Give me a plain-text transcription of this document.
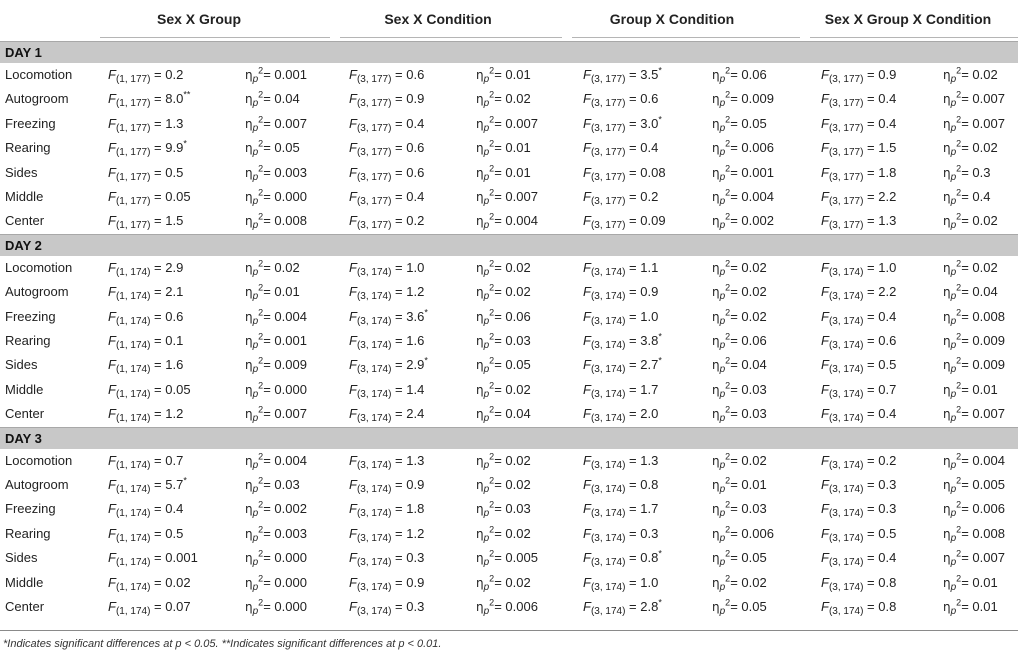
Sex X Group	Sex X Condition	Group X Condition	Sex X Group X Condition
DAY 1
Locomotion	$F_{(1, 177)} = 0.2$	$\eta_p^2= 0.001$	$F_{(3, 177)} = 0.6$	$\eta_p^2= 0.01$	$F_{(3, 177)} = 3.5^*$	$\eta_p^2= 0.06$	$F_{(3, 177)} = 0.9$	$\eta_p^2= 0.02$
Autogroom	$F_{(1, 177)} = 8.0^{**}$	$\eta_p^2= 0.04$	$F_{(3, 177)} = 0.9$	$\eta_p^2= 0.02$	$F_{(3, 177)} = 0.6$	$\eta_p^2= 0.009$	$F_{(3, 177)} = 0.4$	$\eta_p^2= 0.007$
Freezing	$F_{(1, 177)} = 1.3$	$\eta_p^2= 0.007$	$F_{(3, 177)} = 0.4$	$\eta_p^2= 0.007$	$F_{(3, 177)} = 3.0^*$	$\eta_p^2= 0.05$	$F_{(3, 177)} = 0.4$	$\eta_p^2= 0.007$
Rearing	$F_{(1, 177)} = 9.9^*$	$\eta_p^2= 0.05$	$F_{(3, 177)} = 0.6$	$\eta_p^2= 0.01$	$F_{(3, 177)} = 0.4$	$\eta_p^2= 0.006$	$F_{(3, 177)} = 1.5$	$\eta_p^2= 0.02$
Sides	$F_{(1, 177)} = 0.5$	$\eta_p^2= 0.003$	$F_{(3, 177)} = 0.6$	$\eta_p^2= 0.01$	$F_{(3, 177)} = 0.08$	$\eta_p^2= 0.001$	$F_{(3, 177)} = 1.8$	$\eta_p^2= 0.3$
Middle	$F_{(1, 177)} = 0.05$	$\eta_p^2= 0.000$	$F_{(3, 177)} = 0.4$	$\eta_p^2= 0.007$	$F_{(3, 177)} = 0.2$	$\eta_p^2= 0.004$	$F_{(3, 177)} = 2.2$	$\eta_p^2= 0.4$
Center	$F_{(1, 177)} = 1.5$	$\eta_p^2= 0.008$	$F_{(3, 177)} = 0.2$	$\eta_p^2= 0.004$	$F_{(3, 177)} = 0.09$	$\eta_p^2= 0.002$	$F_{(3, 177)} = 1.3$	$\eta_p^2= 0.02$
DAY 2
Locomotion	$F_{(1, 174)} = 2.9$	$\eta_p^2= 0.02$	$F_{(3, 174)} = 1.0$	$\eta_p^2= 0.02$	$F_{(3, 174)} = 1.1$	$\eta_p^2= 0.02$	$F_{(3, 174)} = 1.0$	$\eta_p^2= 0.02$
Autogroom	$F_{(1, 174)} = 2.1$	$\eta_p^2= 0.01$	$F_{(3, 174)} = 1.2$	$\eta_p^2= 0.02$	$F_{(3, 174)} = 0.9$	$\eta_p^2= 0.02$	$F_{(3, 174)} = 2.2$	$\eta_p^2= 0.04$
Freezing	$F_{(1, 174)} = 0.6$	$\eta_p^2= 0.004$	$F_{(3, 174)} = 3.6^*$	$\eta_p^2= 0.06$	$F_{(3, 174)} = 1.0$	$\eta_p^2= 0.02$	$F_{(3, 174)} = 0.4$	$\eta_p^2= 0.008$
Rearing	$F_{(1, 174)} = 0.1$	$\eta_p^2= 0.001$	$F_{(3, 174)} = 1.6$	$\eta_p^2= 0.03$	$F_{(3, 174)} = 3.8^*$	$\eta_p^2= 0.06$	$F_{(3, 174)} = 0.6$	$\eta_p^2= 0.009$
Sides	$F_{(1, 174)} = 1.6$	$\eta_p^2= 0.009$	$F_{(3, 174)} = 2.9^*$	$\eta_p^2= 0.05$	$F_{(3, 174)} = 2.7^*$	$\eta_p^2= 0.04$	$F_{(3, 174)} = 0.5$	$\eta_p^2= 0.009$
Middle	$F_{(1, 174)} = 0.05$	$\eta_p^2= 0.000$	$F_{(3, 174)} = 1.4$	$\eta_p^2= 0.02$	$F_{(3, 174)} = 1.7$	$\eta_p^2= 0.03$	$F_{(3, 174)} = 0.7$	$\eta_p^2= 0.01$
Center	$F_{(1, 174)} = 1.2$	$\eta_p^2= 0.007$	$F_{(3, 174)} = 2.4$	$\eta_p^2= 0.04$	$F_{(3, 174)} = 2.0$	$\eta_p^2= 0.03$	$F_{(3, 174)} = 0.4$	$\eta_p^2= 0.007$
DAY 3
Locomotion	$F_{(1, 174)} = 0.7$	$\eta_p^2= 0.004$	$F_{(3, 174)} = 1.3$	$\eta_p^2= 0.02$	$F_{(3, 174)} = 1.3$	$\eta_p^2= 0.02$	$F_{(3, 174)} = 0.2$	$\eta_p^2= 0.004$
Autogroom	$F_{(1, 174)} = 5.7^*$	$\eta_p^2= 0.03$	$F_{(3, 174)} = 0.9$	$\eta_p^2= 0.02$	$F_{(3, 174)} = 0.8$	$\eta_p^2= 0.01$	$F_{(3, 174)} = 0.3$	$\eta_p^2= 0.005$
Freezing	$F_{(1, 174)} = 0.4$	$\eta_p^2= 0.002$	$F_{(3, 174)} = 1.8$	$\eta_p^2= 0.03$	$F_{(3, 174)} = 1.7$	$\eta_p^2= 0.03$	$F_{(3, 174)} = 0.3$	$\eta_p^2= 0.006$
Rearing	$F_{(1, 174)} = 0.5$	$\eta_p^2= 0.003$	$F_{(3, 174)} = 1.2$	$\eta_p^2= 0.02$	$F_{(3, 174)} = 0.3$	$\eta_p^2= 0.006$	$F_{(3, 174)} = 0.5$	$\eta_p^2= 0.008$
Sides	$F_{(1, 174)} = 0.001$	$\eta_p^2= 0.000$	$F_{(3, 174)} = 0.3$	$\eta_p^2= 0.005$	$F_{(3, 174)} = 0.8^*$	$\eta_p^2= 0.05$	$F_{(3, 174)} = 0.4$	$\eta_p^2= 0.007$
Middle	$F_{(1, 174)} = 0.02$	$\eta_p^2= 0.000$	$F_{(3, 174)} = 0.9$	$\eta_p^2= 0.02$	$F_{(3, 174)} = 1.0$	$\eta_p^2= 0.02$	$F_{(3, 174)} = 0.8$	$\eta_p^2= 0.01$
Center	$F_{(1, 174)} = 0.07$	$\eta_p^2= 0.000$	$F_{(3, 174)} = 0.3$	$\eta_p^2= 0.006$	$F_{(3, 174)} = 2.8^*$	$\eta_p^2= 0.05$	$F_{(3, 174)} = 0.8$	$\eta_p^2= 0.01$
*Indicates significant differences at p < 0.05. **Indicates significant differences at p < 0.01.
